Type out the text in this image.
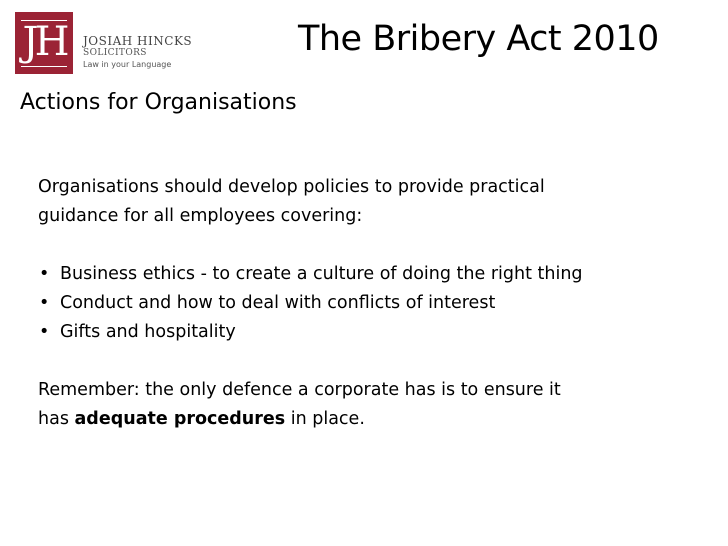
JH	JOSIAH HINCKS
SOLICITORS
Law in your Language
The Bribery Act 2010
Actions for Organisations

Organisations should develop policies to provide practical

guidance for all employees covering:

• Business ethics - to create a culture of doing the right thing
• Conduct and how to deal with conflicts of interest
• Gifts and hospitality

Remember: the only defence a corporate has is to ensure it

has adequate procedures in place.
